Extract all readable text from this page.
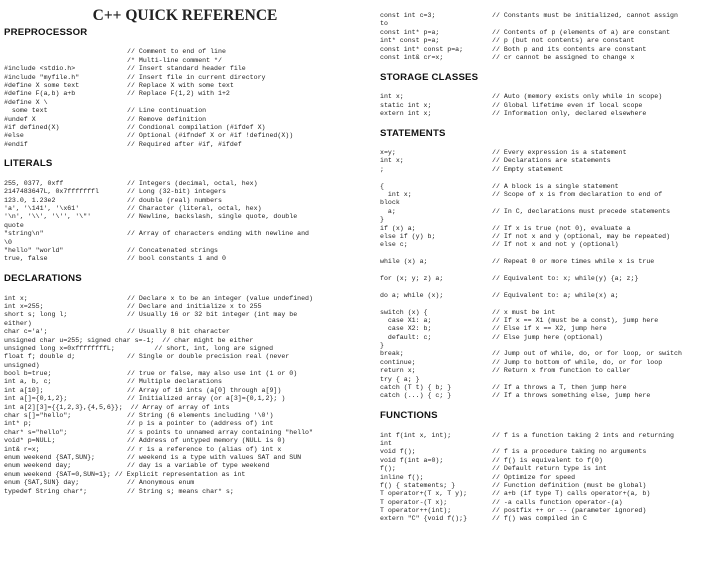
C++ QUICK REFERENCE
PREPROCESSOR
// Comment to end of line
/* Multi-line comment */
#include <stdio.h>	// Insert standard header file
#include "myfile.h"	// Insert file in current directory
#define X some text	// Replace X with some text
#define F(a,b) a+b	// Replace F(1,2) with 1+2
#define X \
some text	// Line continuation
#undef X	// Remove definition
#if defined(X)	// Condional compilation (#ifdef X)
#else	// Optional (#ifndef X or #if !defined(X))
#endif	// Required after #if, #ifdef
LITERALS
255, 0377, 0xff	// Integers (decimal, octal, hex)
2147483647L, 0x7fffffffl	// Long (32-bit) integers
123.0, 1.23e2	// double (real) numbers
'a', '\141', '\x61'	// Character (literal, octal, hex)
'\n', '\\', '\'', '\"'	// Newline, backslash, single quote, double
quote
"string\n"	// Array of characters ending with newline and
\0
"hello" "world"	// Concatenated strings
true, false	// bool constants 1 and 0
DECLARATIONS
int x;	// Declare x to be an integer (value undefined)
int x=255;	// Declare and initialize x to 255
short s; long l;	// Usually 16 or 32 bit integer (int may be
either)
char c='a';	// Usually 8 bit character
unsigned char u=255; signed char s=-1;  // char might be either
unsigned long x=0xffffffffL;          // short, int, long are signed
float f; double d;	// Single or double precision real (never
unsigned)
bool b=true;	// true or false, may also use int (1 or 0)
int a, b, c;	// Multiple declarations
int a[10];	// Array of 10 ints (a[0] through a[9])
int a[]={0,1,2};	// Initialized array (or a[3]={0,1,2}; )
int a[2][3]={{1,2,3},{4,5,6}};  // Array of array of ints
char s[]="hello";	// String (6 elements including '\0')
int* p;	// p is a pointer to (address of) int
char* s="hello";	// s points to unnamed array containing "hello"
void* p=NULL;	// Address of untyped memory (NULL is 0)
int& r=x;	// r is a reference to (alias of) int x
enum weekend {SAT,SUN};	// weekend is a type with values SAT and SUN
enum weekend day;	// day is a variable of type weekend
enum weekend {SAT=0,SUN=1}; // Explicit representation as int
enum {SAT,SUN} day;	// Anonymous enum
typedef String char*;	// String s; means char* s;
const int c=3;	// Constants must be initialized, cannot assign
to
const int* p=a;	// Contents of p (elements of a) are constant
int* const p=a;	// p (but not contents) are constant
const int* const p=a;	// Both p and its contents are constant
const int& cr=x;	// cr cannot be assigned to change x
STORAGE CLASSES
int x;	// Auto (memory exists only while in scope)
static int x;	// Global lifetime even if local scope
extern int x;	// Information only, declared elsewhere
STATEMENTS
x=y;	// Every expression is a statement
int x;	// Declarations are statements
;	// Empty statement
{	// A block is a single statement
int x;	// Scope of x is from declaration to end of
block
a;	// In C, declarations must precede statements
}
if (x) a;	// If x is true (not 0), evaluate a
else if (y) b;	// If not x and y (optional, may be repeated)
else c;	// If not x and not y (optional)
while (x) a;	// Repeat 0 or more times while x is true
for (x; y; z) a;	// Equivalent to: x; while(y) {a; z;}
do a; while (x);	// Equivalent to: a; while(x) a;
switch (x) {	// x must be int
case X1: a;	// If x == X1 (must be a const), jump here
case X2: b;	// Else if x == X2, jump here
default: c;	// Else jump here (optional)
}
break;	// Jump out of while, do, or for loop, or switch
continue;	// Jump to bottom of while, do, or for loop
return x;	// Return x from function to caller
try { a; }
catch (T t) { b; }	// If a throws a T, then jump here
catch (...) { c; }	// If a throws something else, jump here
FUNCTIONS
int f(int x, int);	// f is a function taking 2 ints and returning
int
void f();	// f is a procedure taking no arguments
void f(int a=0);	// f() is equivalent to f(0)
f();	// Default return type is int
inline f();	// Optimize for speed
f() { statements; }	// Function definition (must be global)
T operator+(T x, T y);	// a+b (if type T) calls operator+(a, b)
T operator-(T x);	// -a calls function operator-(a)
T operator++(int);	// postfix ++ or -- (parameter ignored)
extern "C" {void f();}	// f() was compiled in C
